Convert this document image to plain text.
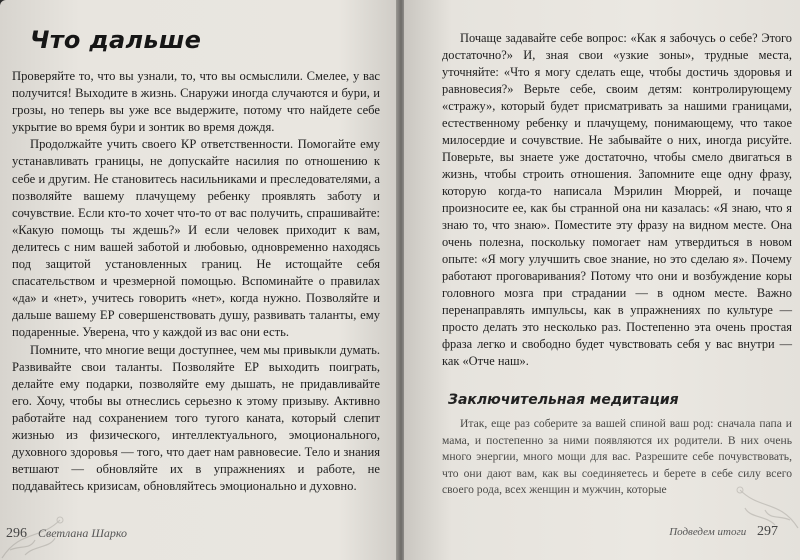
Что дальше

Проверяйте то, что вы узнали, то, что вы осмыслили. Смелее, у вас получится! Выходите в жизнь. Снаружи иногда случаются и бури, и грозы, но теперь вы уже все выдержите, потому что найдете себе укрытие во время бури и зонтик во время дождя.

Продолжайте учить своего КР ответственности. Помогайте ему устанавливать границы, не допускайте насилия по отношению к себе и другим. Не становитесь насильниками и преследователями, а позволяйте вашему плачущему ребенку проявлять заботу и сочувствие. Если кто-то хочет что-то от вас получить, спрашивайте: «Какую помощь ты ждешь?» И если человек приходит к вам, делитесь с ним вашей заботой и любовью, одновременно находясь под защитой установленных границ. Не истощайте себя спасательством и чрезмерной помощью. Вспоминайте о правилах «да» и «нет», учитесь говорить «нет», когда нужно. Позволяйте и дальше вашему ЕР совершенствовать душу, развивать таланты, ему подаренные. Уверена, что у каждой из вас они есть.

Помните, что многие вещи доступнее, чем мы привыкли думать. Развивайте свои таланты. Позволяйте ЕР выходить поиграть, делайте ему подарки, позволяйте ему дышать, не придавливайте его. Хочу, чтобы вы отнеслись серьезно к этому призыву. Активно работайте над сохранением того тугого каната, который слепит жизнью из физического, интеллектуального, эмоционального, духовного здоровья — того, что дает нам равновесие. Тело и знания ветшают — обновляйте их в упражнениях и работе, не поддавайтесь кризисам, обновляйтесь эмоционально и духовно.

296 Светлана Шарко

Почаще задавайте себе вопрос: «Как я забочусь о себе? Этого достаточно?» И, зная свои «узкие зоны», трудные места, уточняйте: «Что я могу сделать еще, чтобы достичь здоровья и равновесия?» Верьте себе, своим детям: контролирующему «стражу», который будет присматривать за нашими границами, естественному ребенку и плачущему, понимающему, что такое милосердие и сочувствие. Не забывайте о них, иногда рисуйте. Поверьте, вы знаете уже достаточно, чтобы смело двигаться в жизнь, чтобы строить отношения. Запомните еще одну фразу, которую когда-то написала Мэрилин Мюррей, и почаще произносите ее, как бы странной она ни казалась: «Я знаю, что я знаю то, что знаю». Поместите эту фразу на видном месте. Она очень полезна, поскольку помогает нам утвердиться в новом опыте: «Я могу улучшить свое знание, но это сделаю я». Почему работают проговаривания? Потому что они и возбуждение коры головного мозга при страдании — в одном месте. Важно перенаправлять импульсы, как в упражнениях по культуре — просто делать это несколько раз. Постепенно эта очень простая фраза легко и свободно будет чувствовать себя у вас внутри — как «Отче наш».

Заключительная медитация

Итак, еще раз соберите за вашей спиной ваш род: сначала папа и мама, и постепенно за ними появляются их родители. В них очень много энергии, много мощи для вас. Разрешите себе почувствовать, что они дают вам, как вы соединяетесь и берете в себе силу всего своего рода, всех женщин и мужчин, которые

Подведем итоги 297
